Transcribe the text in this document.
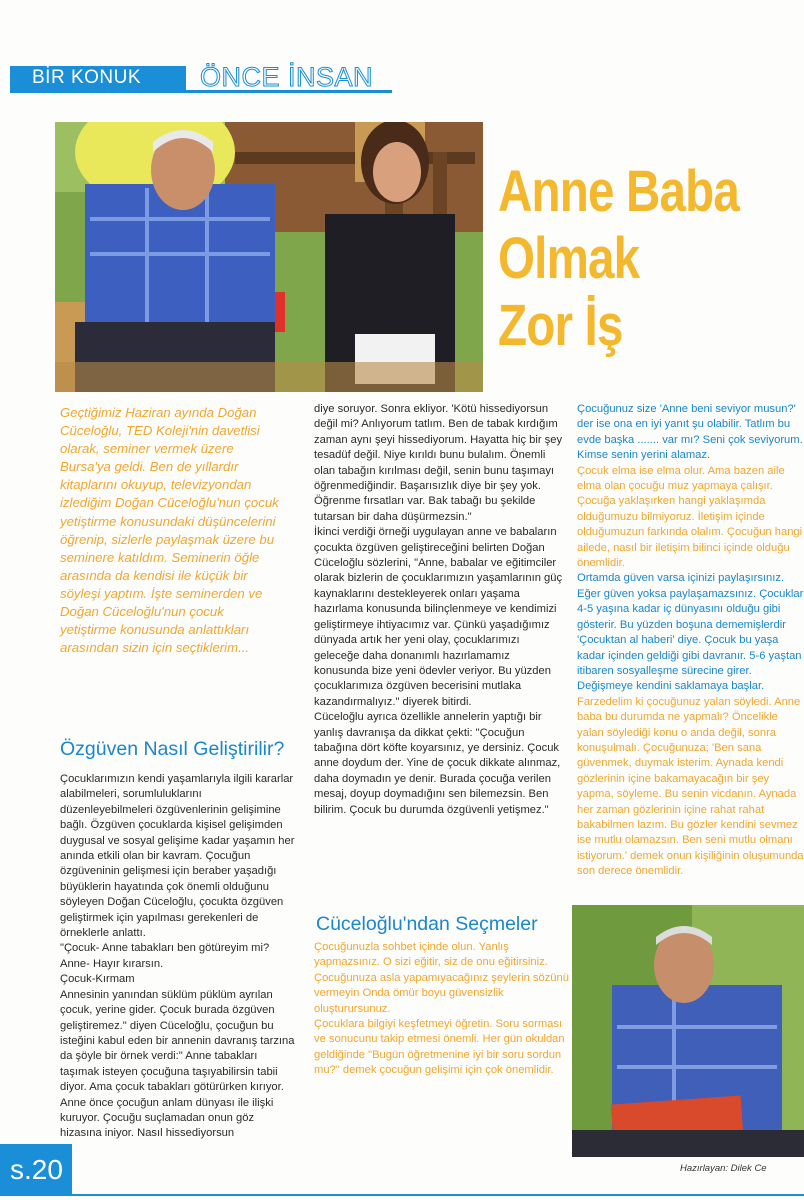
BİR KONUK	ÖNCE İNSAN
Anne Baba
Olmak
Zor İş
Geçtiğimiz Haziran ayında Doğan Cüceloğlu, TED Koleji'nin davetlisi olarak, seminer vermek üzere Bursa'ya geldi. Ben de yıllardır kitaplarını okuyup, televizyondan izlediğim Doğan Cüceloğlu'nun çocuk yetiştirme konusundaki düşüncelerini öğrenip, sizlerle paylaşmak üzere bu seminere katıldım. Seminerin öğle arasında da kendisi ile küçük bir söyleşi yaptım. İşte seminerden ve Doğan Cüceloğlu'nun çocuk yetiştirme konusunda anlattıkları arasından sizin için seçtiklerim...
Özgüven Nasıl Geliştirilir?

Çocuklarımızın kendi yaşamlarıyla ilgili kararlar alabilmeleri, sorumluluklarını düzenleyebilmeleri özgüvenlerinin gelişimine bağlı. Özgüven çocuklarda kişisel gelişimden duygusal ve sosyal gelişime kadar yaşamın her anında etkili olan bir kavram. Çocuğun özgüveninin gelişmesi için beraber yaşadığı büyüklerin hayatında çok önemli olduğunu söyleyen Doğan Cüceloğlu, çocukta özgüven geliştirmek için yapılması gerekenleri de örneklerle anlattı.

"Çocuk- Anne tabakları ben götüreyim mi?

Anne- Hayır kırarsın.

Çocuk-Kırmam

Annesinin yanından süklüm püklüm ayrılan çocuk, yerine gider. Çocuk burada özgüven geliştiremez." diyen Cüceloğlu, çocuğun bu isteğini kabul eden bir annenin davranış tarzına da şöyle bir örnek verdi:" Anne tabakları taşımak isteyen çocuğuna taşıyabilirsin tabii diyor. Ama çocuk tabakları götürürken kırıyor. Anne önce çocuğun anlam dünyası ile ilişki kuruyor. Çocuğu suçlamadan onun göz hizasına iniyor. Nasıl hissediyorsun

diye soruyor. Sonra ekliyor. 'Kötü hissediyorsun değil mi? Anlıyorum tatlım. Ben de tabak kırdığım zaman aynı şeyi hissediyorum. Hayatta hiç bir şey tesadüf değil. Niye kırıldı bunu bulalım. Önemli olan tabağın kırılması değil, senin bunu taşımayı öğrenmediğindir. Başarısızlık diye bir şey yok. Öğrenme fırsatları var. Bak tabağı bu şekilde tutarsan bir daha düşürmezsin."

İkinci verdiği örneği uygulayan anne ve babaların çocukta özgüven geliştireceğini belirten Doğan Cüceloğlu sözlerini, "Anne, babalar ve eğitimciler olarak bizlerin de çocuklarımızın yaşamlarının güç kaynaklarını destekleyerek onları yaşama hazırlama konusunda bilinçlenmeye ve kendimizi geliştirmeye ihtiyacımız var. Çünkü yaşadığımız dünyada artık her yeni olay, çocuklarımızı geleceğe daha donanımlı hazırlamamız konusunda bize yeni ödevler veriyor. Bu yüzden çocuklarımıza özgüven becerisini mutlaka kazandırmalıyız." diyerek bitirdi.

Cüceloğlu ayrıca özellikle annelerin yaptığı bir yanlış davranışa da dikkat çekti: "Çocuğun tabağına dört köfte koyarsınız, ye dersiniz. Çocuk anne doydum der. Yine de çocuk dikkate alınmaz, daha doymadın ye denir. Burada çocuğa verilen mesaj, doyup doymadığını sen bilemezsin. Ben bilirim. Çocuk bu durumda özgüvenli yetişmez."

Cüceloğlu'ndan Seçmeler

Çocuğunuzla sohbet içinde olun. Yanlış yapmazsınız. O sizi eğitir, siz de onu eğitirsiniz.

Çocuğunuza asla yapamıyacağınız şeylerin sözünü vermeyin Onda ömür boyu güvensizlik oluşturursunuz.

Çocuklara bilgiyi keşfetmeyi öğretin. Soru sorması ve sonucunu takip etmesi önemli. Her gün okuldan geldiğinde "Bugün öğretmenine iyi bir soru sordun mu?" demek çocuğun gelişimi için çok önemlidir.

Çocuğunuz size 'Anne beni seviyor musun?' der ise ona en iyi yanıt şu olabilir. Tatlım bu evde başka ....... var mı? Seni çok seviyorum. Kimse senin yerini alamaz.

Çocuk elma ise elma olur. Ama bazen aile elma olan çocuğu muz yapmaya çalışır. Çocuğa yaklaşırken hangi yaklaşımda olduğumuzu bilmiyoruz. İletişim içinde olduğumuzun farkında olalım. Çocuğun hangi ailede, nasıl bir iletişim bilinci içinde olduğu önemlidir.

Ortamda güven varsa içinizi paylaşırsınız. Eğer güven yoksa paylaşamazsınız. Çocuklar 4-5 yaşına kadar iç dünyasını olduğu gibi gösterir. Bu yüzden boşuna dememişlerdir 'Çocuktan al haberi' diye. Çocuk bu yaşa kadar içinden geldiği gibi davranır. 5-6 yaştan itibaren sosyalleşme sürecine girer. Değişmeye kendini saklamaya başlar.

Farzedelim ki çocuğunuz yalan söyledi. Anne baba bu durumda ne yapmalı? Öncelikle yalan söylediği konu o anda değil, sonra konuşulmalı. Çocuğunuza; 'Ben sana güvenmek, duymak isterim. Aynada kendi gözlerinin içine bakamayacağın bir şey yapma, söyleme. Bu senin vicdanın. Aynada her zaman gözlerinin içine rahat rahat bakabilmen lazım. Bu gözler kendini sevmez ise mutlu olamazsın. Ben seni mutlu olmanı istiyorum.' demek onun kişiliğinin oluşumunda son derece önemlidir.

Hazırlayan: Dilek Ce
s.20
